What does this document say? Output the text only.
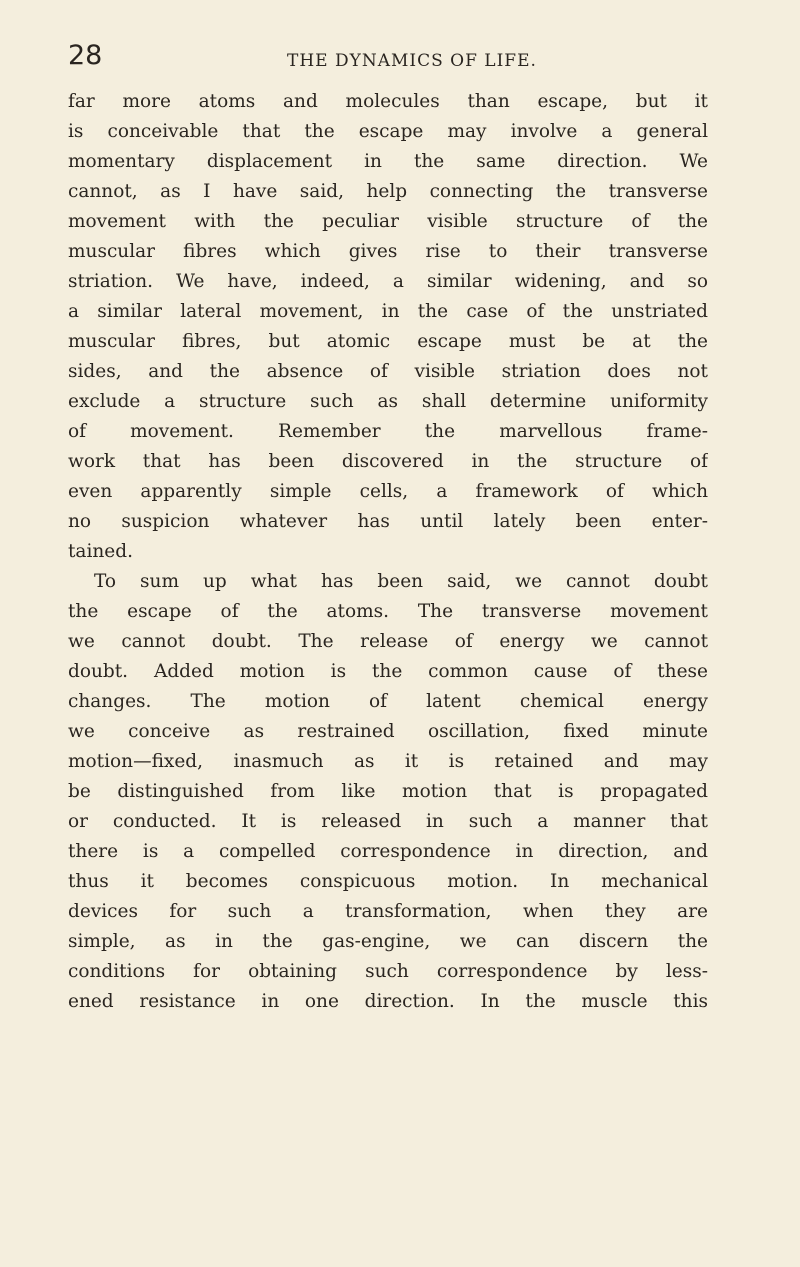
28	THE DYNAMICS OF LIFE.
far more atoms and molecules than escape, but it
is conceivable that the escape may involve a general
momentary displacement in the same direction. We
cannot, as I have said, help connecting the transverse
movement with the peculiar visible structure of the
muscular fibres which gives rise to their transverse
striation. We have, indeed, a similar widening, and so
a similar lateral movement, in the case of the unstriated
muscular fibres, but atomic escape must be at the
sides, and the absence of visible striation does not
exclude a structure such as shall determine uniformity
of movement. Remember the marvellous frame-
work that has been discovered in the structure of
even apparently simple cells, a framework of which
no suspicion whatever has until lately been enter-
tained.
To sum up what has been said, we cannot doubt
the escape of the atoms. The transverse movement
we cannot doubt. The release of energy we cannot
doubt. Added motion is the common cause of these
changes. The motion of latent chemical energy
we conceive as restrained oscillation, fixed minute
motion—fixed, inasmuch as it is retained and may
be distinguished from like motion that is propagated
or conducted. It is released in such a manner that
there is a compelled correspondence in direction, and
thus it becomes conspicuous motion. In mechanical
devices for such a transformation, when they are
simple, as in the gas-engine, we can discern the
conditions for obtaining such correspondence by less-
ened resistance in one direction. In the muscle this
